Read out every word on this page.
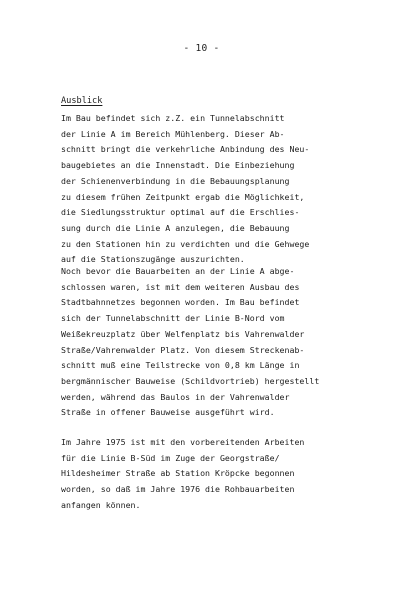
- 10 -
Ausblick
Im Bau befindet sich z.Z. ein Tunnelabschnitt
der Linie A im Bereich Mühlenberg. Dieser Ab-
schnitt bringt die verkehrliche Anbindung des Neu-
baugebietes an die Innenstadt. Die Einbeziehung
der Schienenverbindung in die Bebauungsplanung
zu diesem frühen Zeitpunkt ergab die Möglichkeit,
die Siedlungsstruktur optimal auf die Erschlies-
sung durch die Linie A anzulegen, die Bebauung
zu den Stationen hin zu verdichten und die Gehwege
auf die Stationszugänge auszurichten.
Noch bevor die Bauarbeiten an der Linie A abge-
schlossen waren, ist mit dem weiteren Ausbau des
Stadtbahnnetzes begonnen worden. Im Bau befindet
sich der Tunnelabschnitt der Linie B-Nord vom
Weißekreuzplatz über Welfenplatz bis Vahrenwalder
Straße/Vahrenwalder Platz. Von diesem Streckenab-
schnitt muß eine Teilstrecke von 0,8 km Länge in
bergmännischer Bauweise (Schildvortrieb) hergestellt
werden, während das Baulos in der Vahrenwalder
Straße in offener Bauweise ausgeführt wird.
Im Jahre 1975 ist mit den vorbereitenden Arbeiten
für die Linie B-Süd im Zuge der Georgstraße/
Hildesheimer Straße ab Station Kröpcke begonnen
worden, so daß im Jahre 1976 die Rohbauarbeiten
anfangen können.
